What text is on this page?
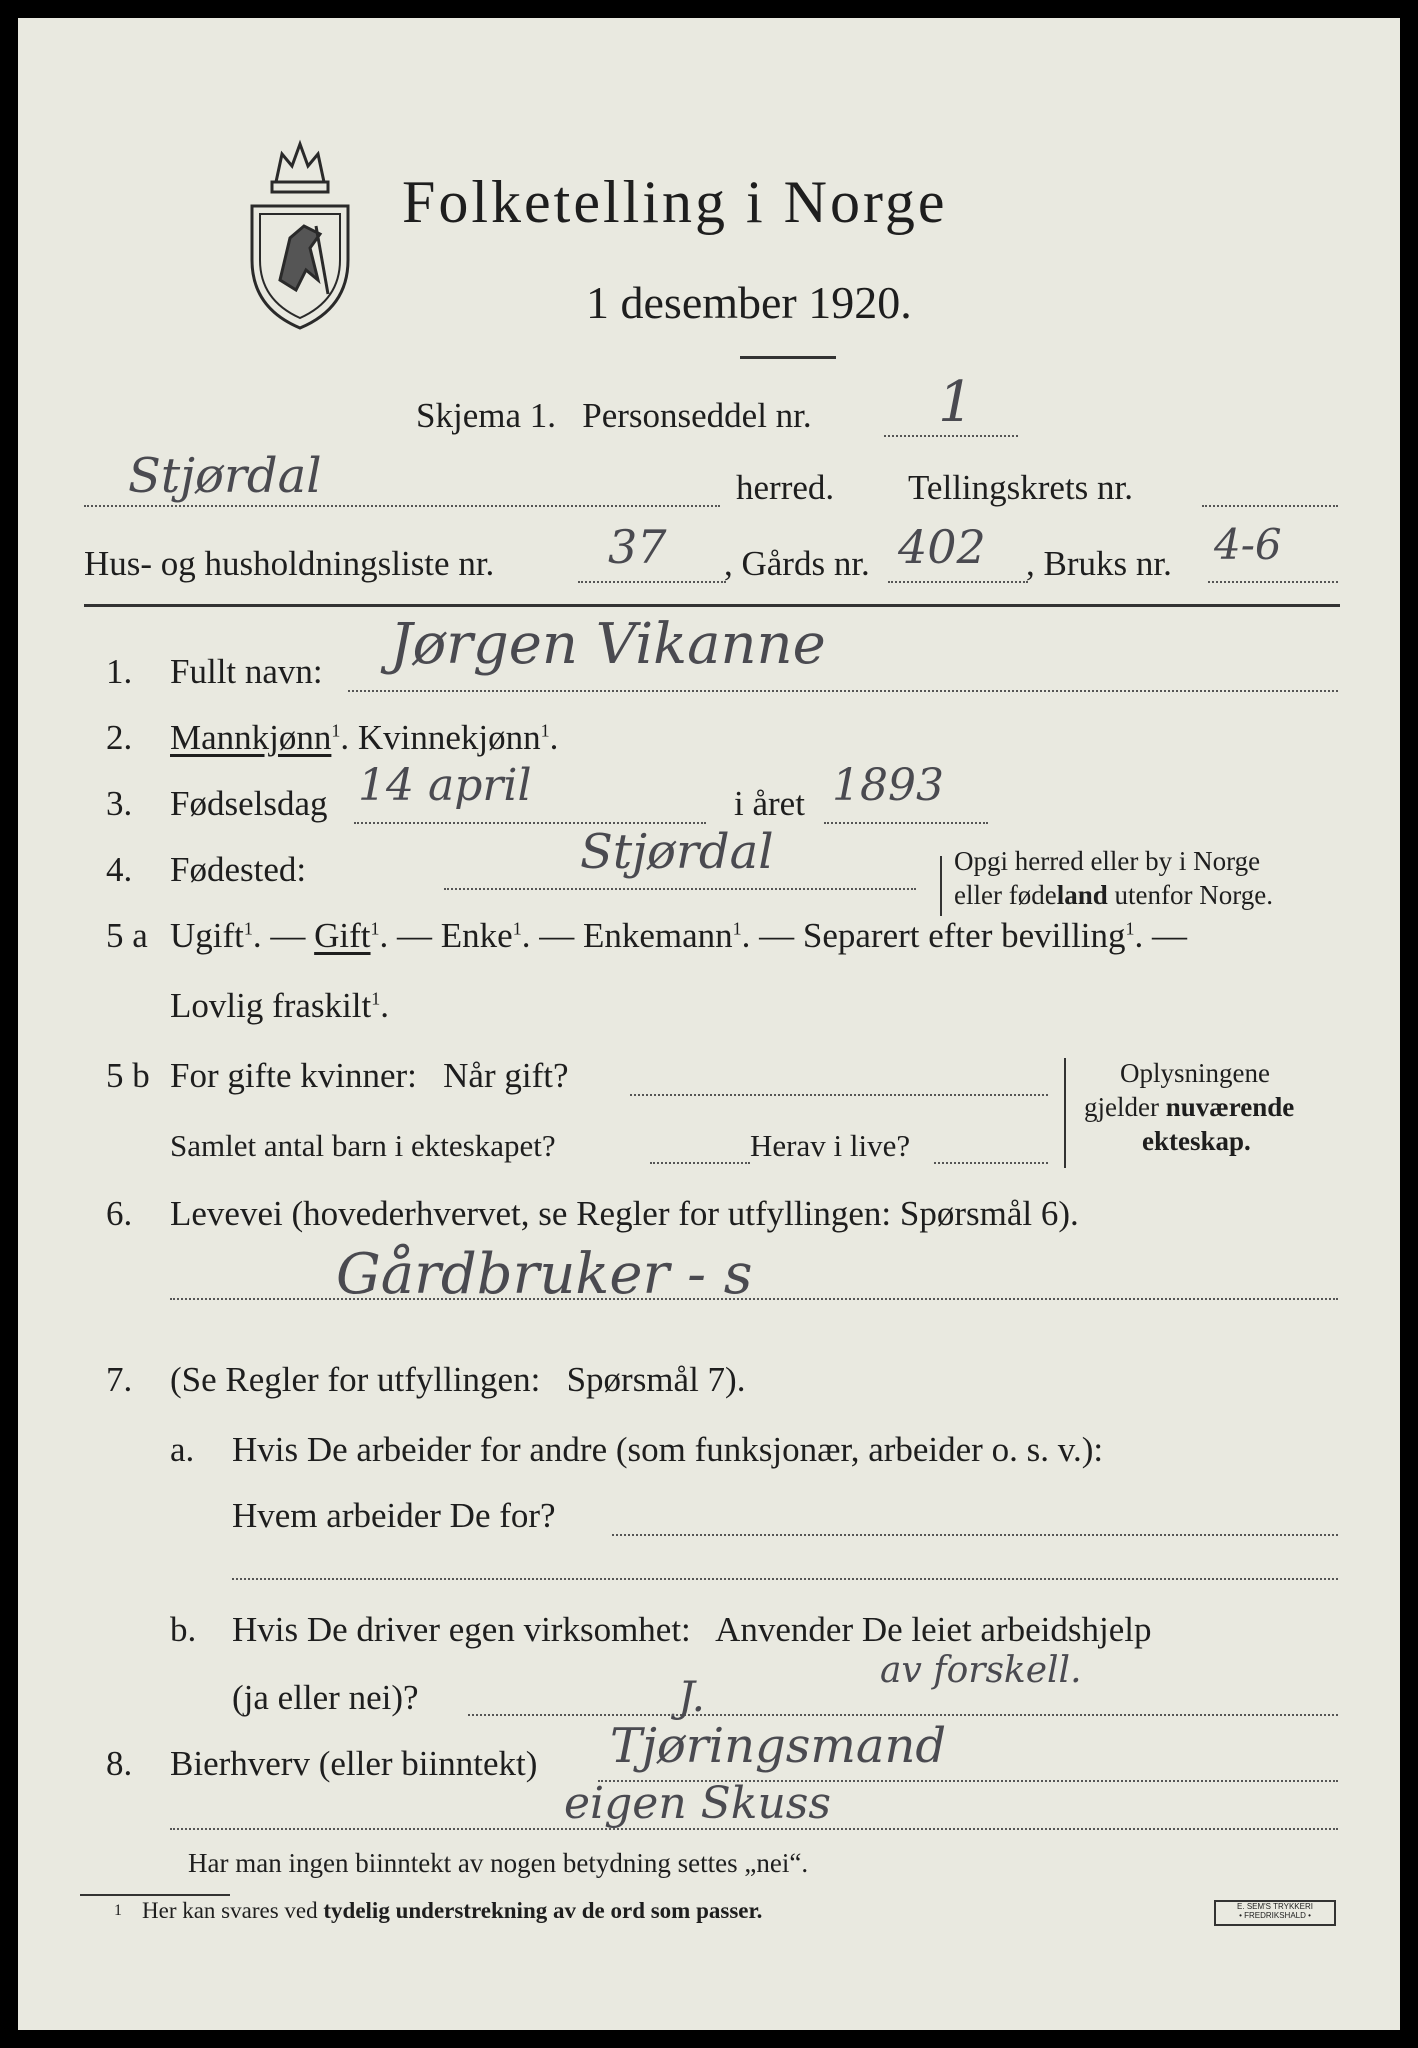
Folketelling i Norge
1 desember 1920.
Skjema 1.   Personseddel nr. 1
Stjørdal	herred. Tellingskrets nr.
Hus- og husholdningsliste nr. 37 , Gårds nr. 402 , Bruks nr. 4-6
1. Fullt navn: Jørgen Vikanne
2. Mannkjønn$^1$. Kvinnekjønn$^1$.
3. Fødselsdag 14 april	i året 1893
4. Fødested:	Stjørdal	Opgi herred eller by i Norge
eller fødeland utenfor Norge.
5 a Ugift$^1$. — Gift$^1$. — Enke$^1$. — Enkemann$^1$. — Separert efter bevilling$^1$. —
Lovlig fraskilt$^1$.
5 b For gifte kvinner:   Når gift?
Samlet antal barn i ekteskapet?	Herav i live?
Oplysningene
gjelder nuværende
ekteskap.
6. Levevei (hovederhvervet, se Regler for utfyllingen: Spørsmål 6).
Gårdbruker - s
7. (Se Regler for utfyllingen:   Spørsmål 7).
a. Hvis De arbeider for andre (som funksjonær, arbeider o. s. v.):
Hvem arbeider De for?
b. Hvis De driver egen virksomhet:   Anvender De leiet arbeidshjelp
(ja eller nei)?
av forskell.
J.
8. Bierhverv (eller biinntekt) Tjøringsmand
eigen Skuss
Har man ingen biinntekt av nogen betydning settes „nei“.
1 Her kan svares ved tydelig understrekning av de ord som passer.	E. SEM'S TRYKKERI
• FREDRIKSHALD •
